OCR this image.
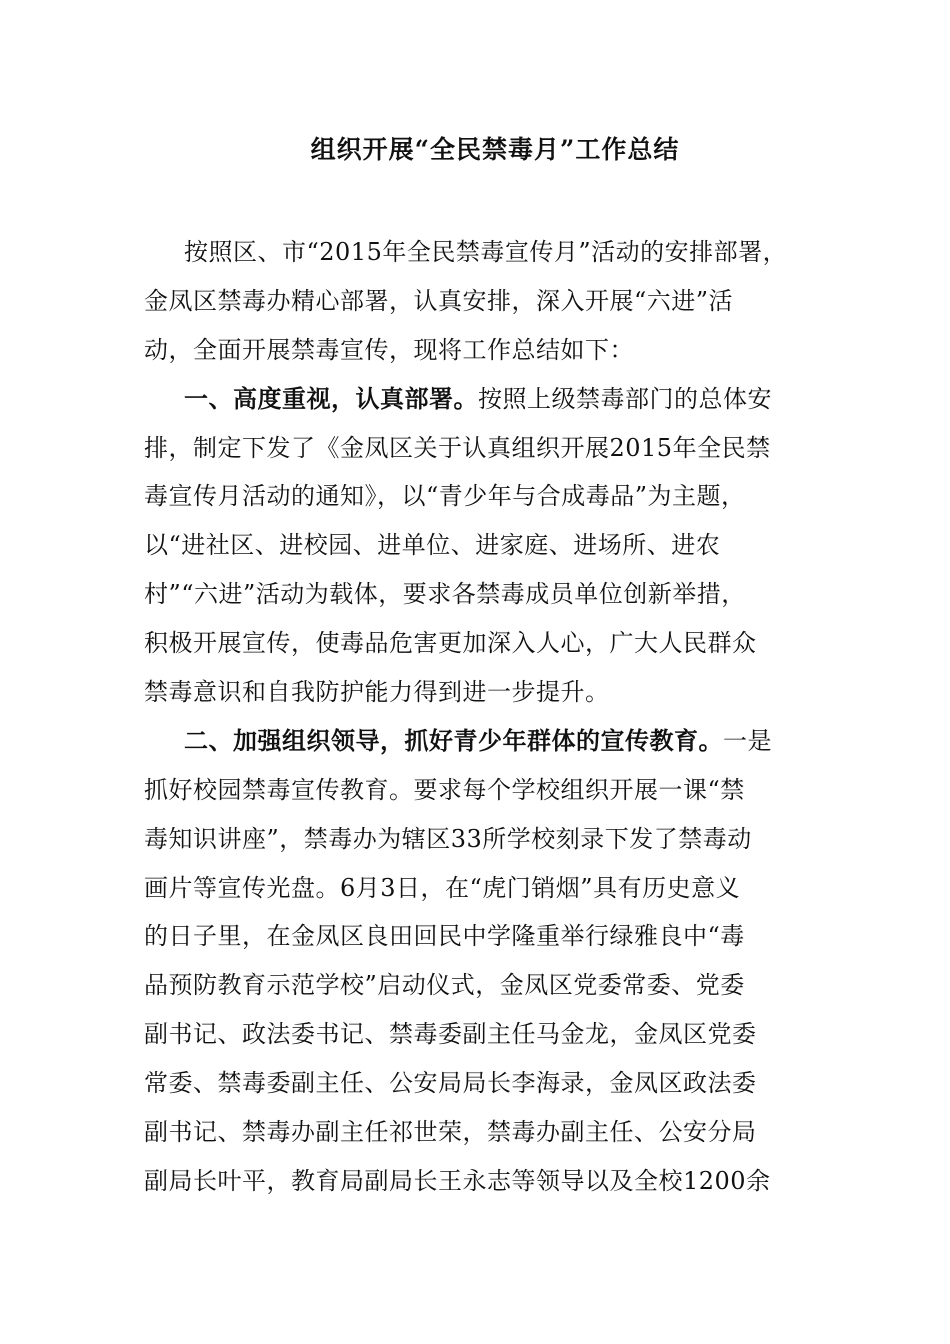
组织开展“全民禁毒月”工作总结
按照区、市“2015年全民禁毒宣传月”活动的安排部署，
金凤区禁毒办精心部署，认真安排，深入开展“六进”活
动，全面开展禁毒宣传，现将工作总结如下：
一、高度重视，认真部署。按照上级禁毒部门的总体安
排，制定下发了《金凤区关于认真组织开展2015年全民禁
毒宣传月活动的通知》，以“青少年与合成毒品”为主题，
以“进社区、进校园、进单位、进家庭、进场所、进农
村”“六进”活动为载体，要求各禁毒成员单位创新举措，
积极开展宣传，使毒品危害更加深入人心，广大人民群众
禁毒意识和自我防护能力得到进一步提升。
二、加强组织领导，抓好青少年群体的宣传教育。一是
抓好校园禁毒宣传教育。要求每个学校组织开展一课“禁
毒知识讲座”，禁毒办为辖区33所学校刻录下发了禁毒动
画片等宣传光盘。6月3日，在“虎门销烟”具有历史意义
的日子里，在金凤区良田回民中学隆重举行绿雅良中“毒
品预防教育示范学校”启动仪式，金凤区党委常委、党委
副书记、政法委书记、禁毒委副主任马金龙，金凤区党委
常委、禁毒委副主任、公安局局长李海录，金凤区政法委
副书记、禁毒办副主任祁世荣，禁毒办副主任、公安分局
副局长叶平，教育局副局长王永志等领导以及全校1200余
